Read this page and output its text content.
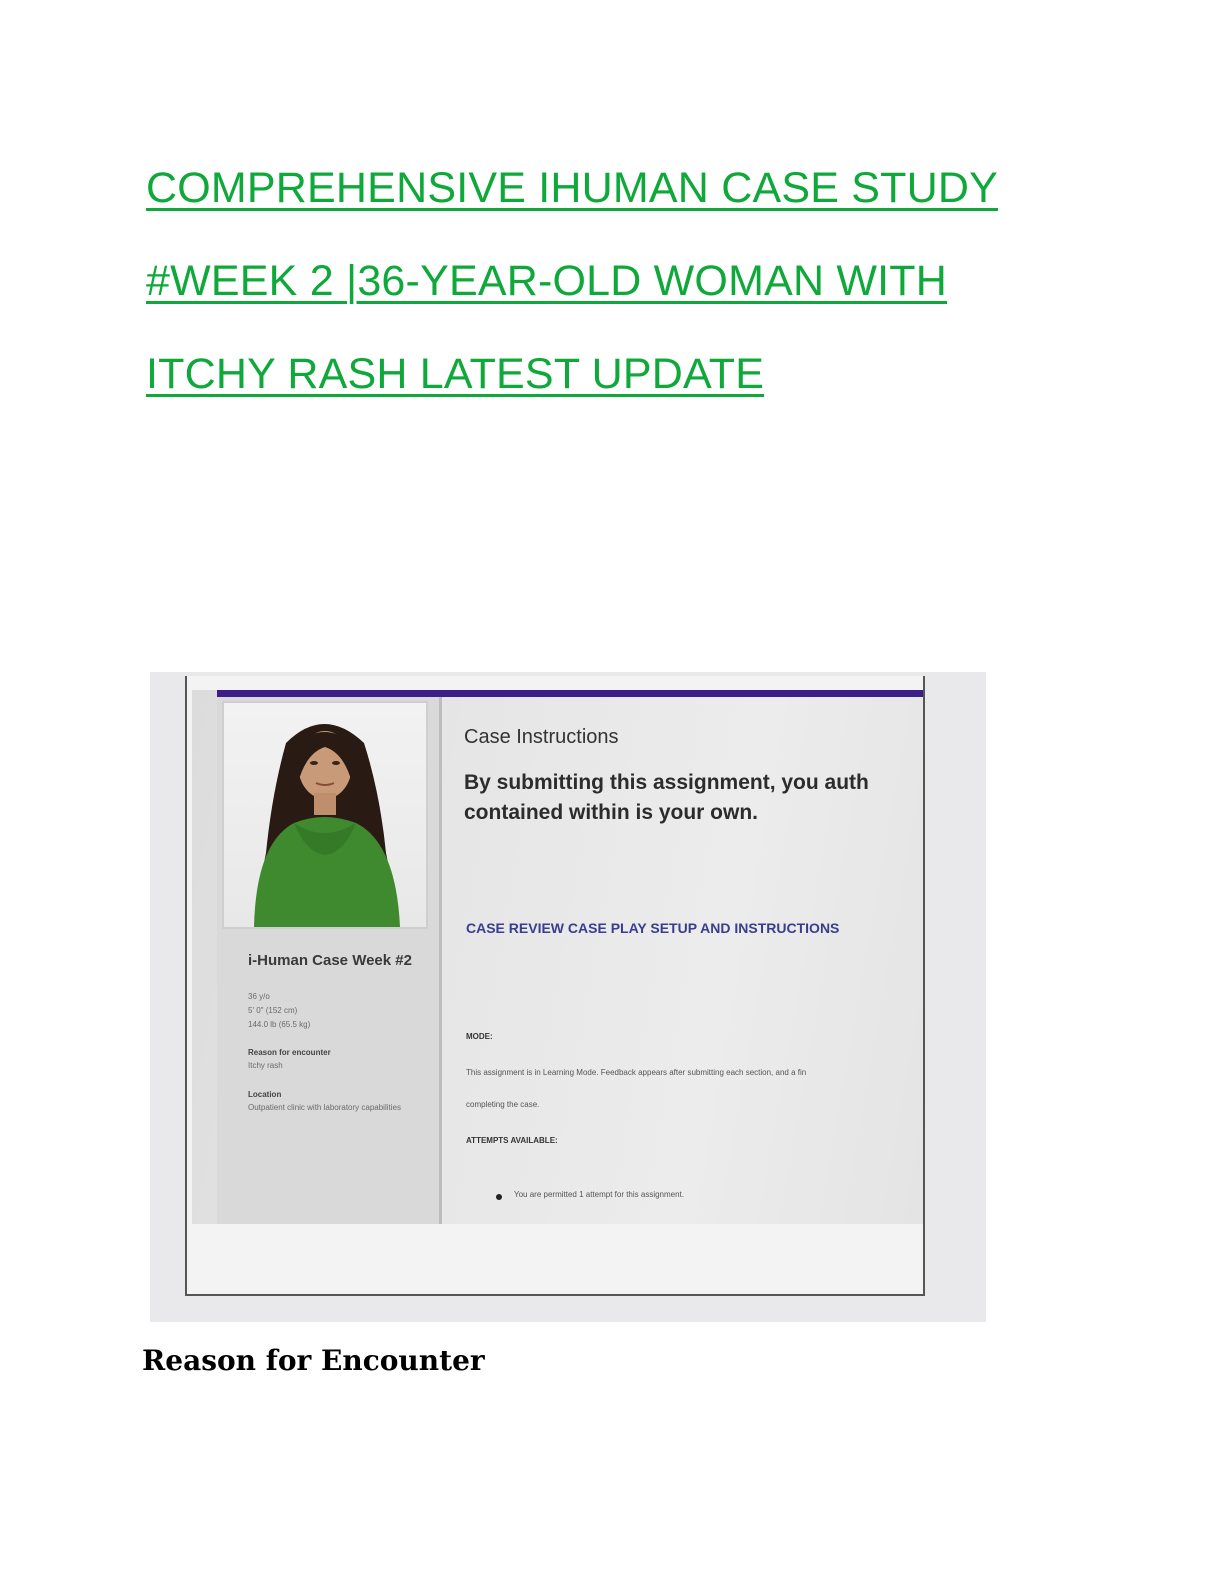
COMPREHENSIVE IHUMAN CASE STUDY
#WEEK 2 |36-YEAR-OLD WOMAN WITH
ITCHY RASH LATEST UPDATE
i-Human Case Week #2
36 y/o
5' 0" (152 cm)
144.0 lb (65.5 kg)
Reason for encounter
Itchy rash
Location
Outpatient clinic with laboratory capabilities
Case Instructions
By submitting this assignment, you auth
contained within is your own.
CASE REVIEW CASE PLAY SETUP AND INSTRUCTIONS
MODE:
This assignment is in Learning Mode. Feedback appears after submitting each section, and a fin
completing the case.
ATTEMPTS AVAILABLE:
You are permitted 1 attempt for this assignment.
Reason for Encounter
